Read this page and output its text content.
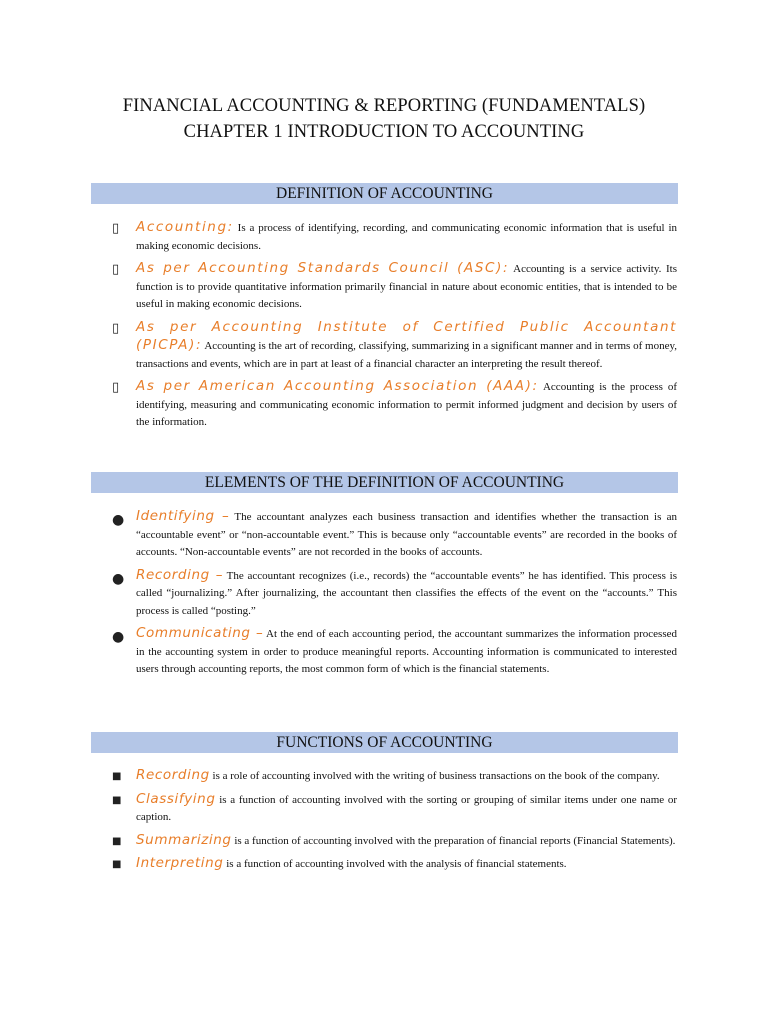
FINANCIAL ACCOUNTING & REPORTING (FUNDAMENTALS)
CHAPTER 1 INTRODUCTION TO ACCOUNTING
DEFINITION OF ACCOUNTING
▯ Accounting: Is a process of identifying, recording, and communicating economic information that is useful in making economic decisions.
▯ As per Accounting Standards Council (ASC): Accounting is a service activity. Its function is to provide quantitative information primarily financial in nature about economic entities, that is intended to be useful in making economic decisions.
▯ As per Accounting Institute of Certified Public Accountant (PICPA): Accounting is the art of recording, classifying, summarizing in a significant manner and in terms of money, transactions and events, which are in part at least of a financial character an interpreting the result thereof.
▯ As per American Accounting Association (AAA): Accounting is the process of identifying, measuring and communicating economic information to permit informed judgment and decision by users of the information.
ELEMENTS OF THE DEFINITION OF ACCOUNTING
● Identifying – The accountant analyzes each business transaction and identifies whether the transaction is an “accountable event” or “non-accountable event.” This is because only “accountable events” are recorded in the books of accounts. “Non-accountable events” are not recorded in the books of accounts.
● Recording – The accountant recognizes (i.e., records) the “accountable events” he has identified. This process is called “journalizing.” After journalizing, the accountant then classifies the effects of the event on the “accounts.” This process is called “posting.”
● Communicating – At the end of each accounting period, the accountant summarizes the information processed in the accounting system in order to produce meaningful reports. Accounting information is communicated to interested users through accounting reports, the most common form of which is the financial statements.
FUNCTIONS OF ACCOUNTING
■ Recording is a role of accounting involved with the writing of business transactions on the book of the company.
■ Classifying is a function of accounting involved with the sorting or grouping of similar items under one name or caption.
■ Summarizing is a function of accounting involved with the preparation of financial reports (Financial Statements).
■ Interpreting is a function of accounting involved with the analysis of financial statements.
